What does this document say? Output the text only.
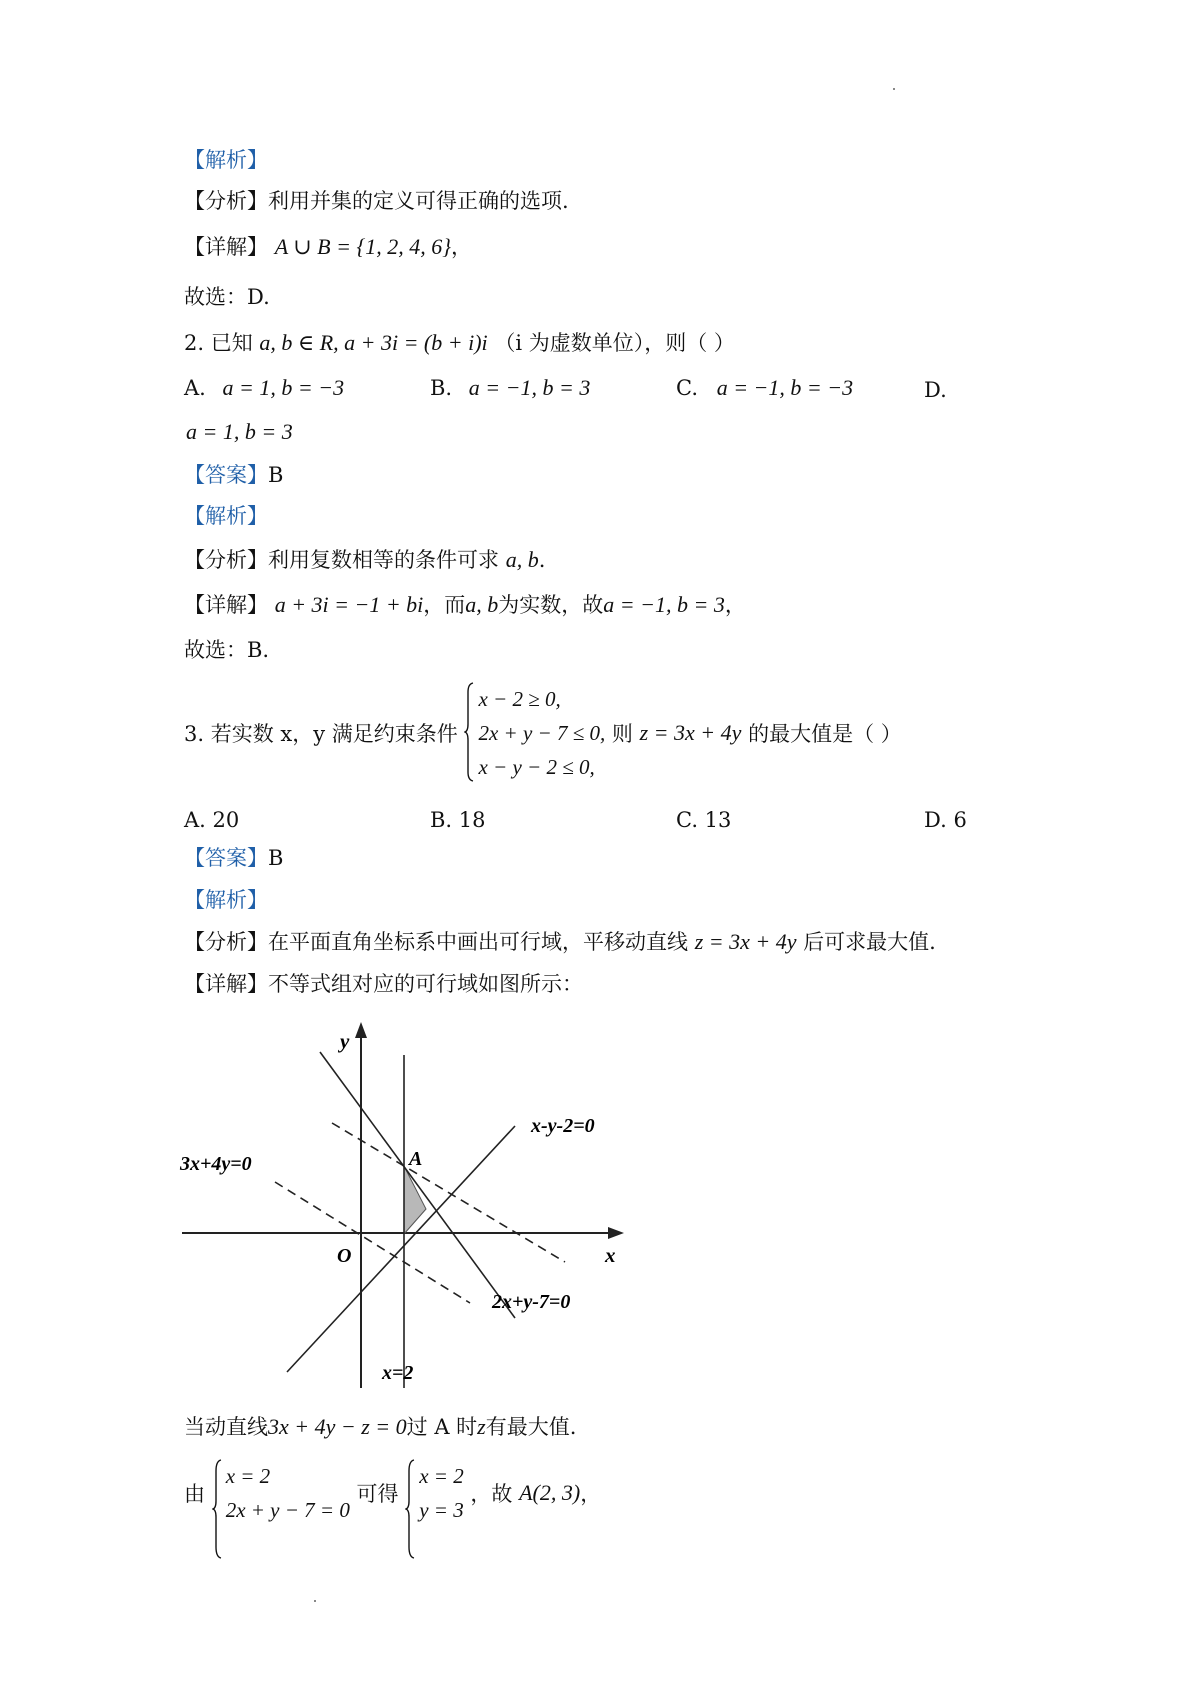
【解析】
【分析】利用并集的定义可得正确的选项.
【详解】 A ∪ B = {1, 2, 4, 6}，
故选：D.
2. 已知 a, b ∈ R, a + 3i = (b + i)i （i 为虚数单位），则（ ）
A. a = 1, b = −3	B. a = −1, b = 3	C. a = −1, b = −3	D.
a = 1, b = 3
【答案】B
【解析】
【分析】利用复数相等的条件可求 a, b.
【详解】 a + 3i = −1 + bi，而a, b为实数，故a = −1, b = 3，
故选：B.
3. 若实数 x，y 满足约束条件
x − 2 ≥ 0,
2x + y − 7 ≤ 0,
x − y − 2 ≤ 0,
则 z = 3x + 4y 的最大值是（ ）
A. 20	B. 18	C. 13	D. 6
【答案】B
【解析】
【分析】在平面直角坐标系中画出可行域，平移动直线 z = 3x + 4y 后可求最大值.
【详解】不等式组对应的可行域如图所示：
y
x
O
A
x-y-2=0
3x+4y=0
2x+y-7=0
x=2
当动直线3x + 4y − z = 0过 A 时z有最大值.
由
x = 2
2x + y − 7 = 0
可得
x = 2
y = 3
，故 A(2, 3)，
